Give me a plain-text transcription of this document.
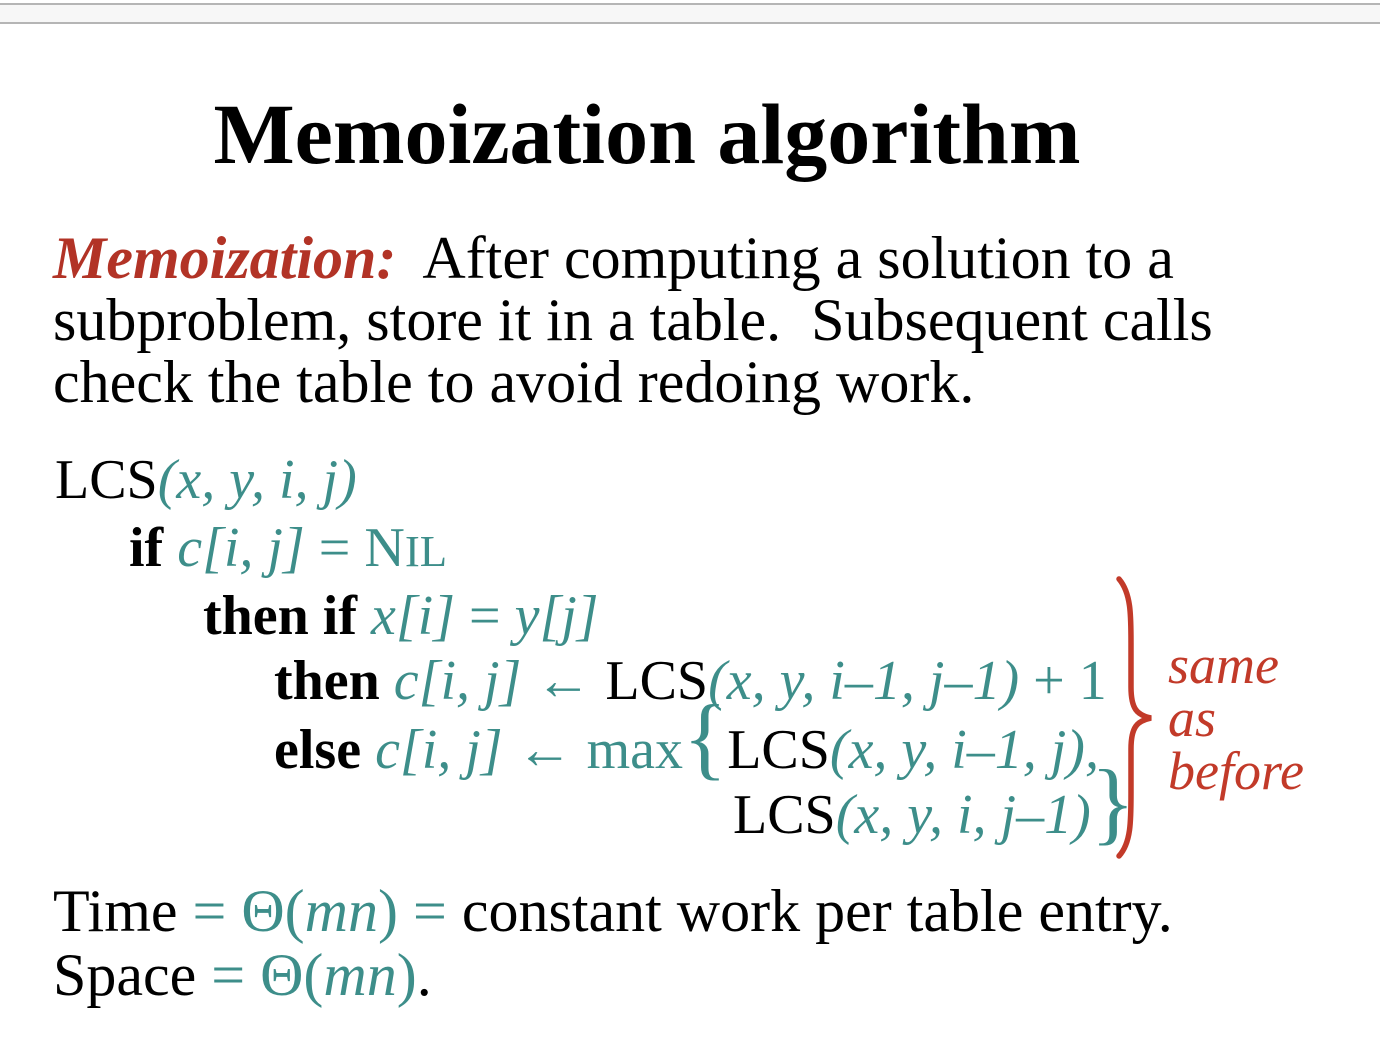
Memoization algorithm

Memoization: After computing a solution to a
subproblem, store it in a table.  Subsequent calls
check the table to avoid redoing work.

LCS(x, y, i, j)
if c[i, j] = NIL
then if x[i] = y[j]
then c[i, j] ← LCS(x, y, i–1, j–1) + 1
else c[i, j] ← max{LCS(x, y, i–1, j),
LCS(x, y, i, j–1)}

same
as
before

Time = Θ(mn) = constant work per table entry.
Space = Θ(mn).
